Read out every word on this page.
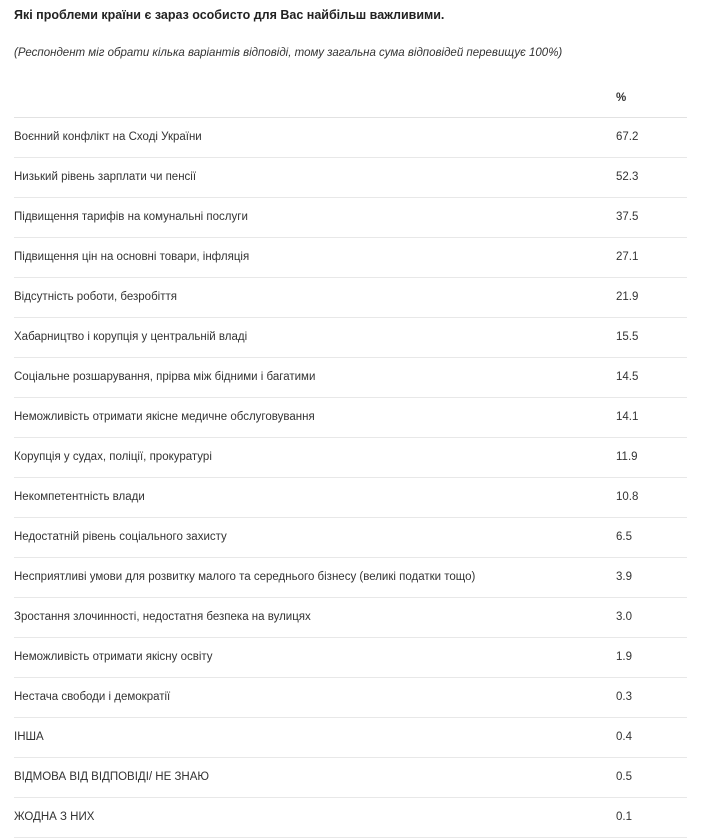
Які проблеми країни є зараз особисто для Вас найбільш важливими.
(Респондент міг обрати кілька варіантів відповіді, тому загальна сума відповідей перевищує 100%)
	%
Воєнний конфлікт на Сході України	67.2
Низький рівень зарплати чи пенсії	52.3
Підвищення тарифів на комунальні послуги	37.5
Підвищення цін на основні товари, інфляція	27.1
Відсутність роботи, безробіття	21.9
Хабарництво і корупція у центральній владі	15.5
Соціальне розшарування, прірва між бідними і багатими	14.5
Неможливість отримати якісне медичне обслуговування	14.1
Корупція у судах, поліції, прокуратурі	11.9
Некомпетентність влади	10.8
Недостатній рівень соціального захисту	6.5
Несприятливі умови для розвитку малого та середнього бізнесу (великі податки тощо)	3.9
Зростання злочинності, недостатня безпека на вулицях	3.0
Неможливість отримати якісну освіту	1.9
Нестача свободи і демократії	0.3
ІНША	0.4
ВІДМОВА ВІД ВІДПОВІДІ/ НЕ ЗНАЮ	0.5
ЖОДНА З НИХ	0.1
